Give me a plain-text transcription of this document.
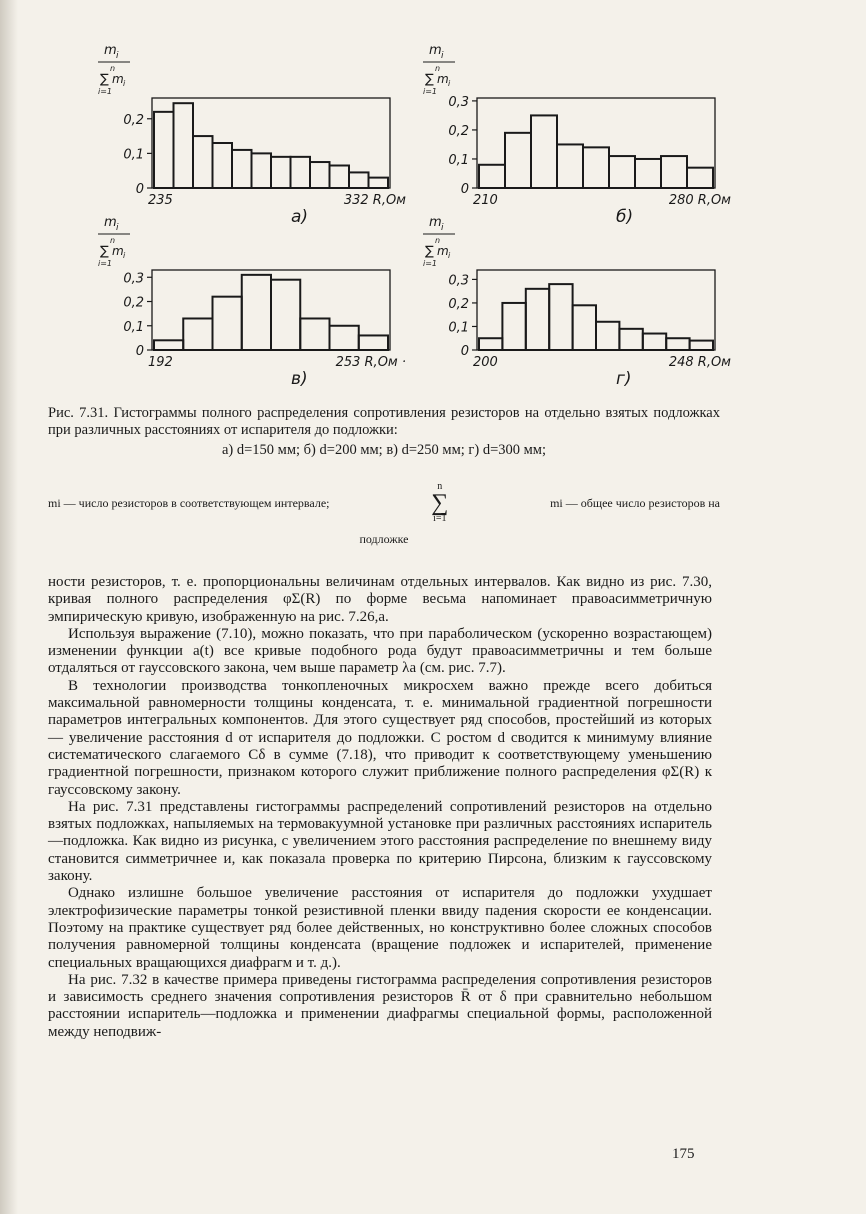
m i
n
∑ m i
i=1
0,2
0,1
0
235	332 R,Ом
а)
m i
n
∑ m i
i=1
0,3
0,2
0,1
0
210	280 R,Ом
б)
m i
n
∑ m i
i=1
0,3
0,2
0,1
0
192	253 R,Ом ·
в)
m i
n
∑ m i
i=1
0,3
0,2
0,1
0
200	248 R,Ом
г)

Рис. 7.31. Гистограммы полного распределения сопротивления резисторов на отдельно взятых подложках при различных расстояниях от испарителя до подложки:

а) d=150 мм; б) d=200 мм; в) d=250 мм; г) d=300 мм;

mi — число резисторов в соответствующем интервале;
n
∑
i=1
mi — общее число резисторов на
подложке

ности резисторов, т. е. пропорциональны величинам отдельных интервалов. Как видно из рис. 7.30, кривая полного распределения φΣ(R) по форме весьма напоминает правоасимметричную эмпирическую кривую, изображенную на рис. 7.26,a.

Используя выражение (7.10), можно показать, что при параболическом (ускоренно возрастающем) изменении функции a(t) все кривые подобного рода будут правоасимметричны и тем больше отдаляться от гауссовского закона, чем выше параметр λa (см. рис. 7.7).

В технологии производства тонкопленочных микросхем важно прежде всего добиться максимальной равномерности толщины конденсата, т. е. минимальной градиентной погрешности параметров интегральных компонентов. Для этого существует ряд способов, простейший из которых — увеличение расстояния d от испарителя до подложки. С ростом d сводится к минимуму влияние систематического слагаемого Cδ в сумме (7.18), что приводит к соответствующему уменьшению градиентной погрешности, признаком которого служит приближение полного распределения φΣ(R) к гауссовскому закону.

На рис. 7.31 представлены гистограммы распределений сопротивлений резисторов на отдельно взятых подложках, напыляемых на термовакуумной установке при различных расстояниях испаритель—подложка. Как видно из рисунка, с увеличением этого расстояния распределение по внешнему виду становится симметричнее и, как показала проверка по критерию Пирсона, близким к гауссовскому закону.

Однако излишне большое увеличение расстояния от испарителя до подложки ухудшает электрофизические параметры тонкой резистивной пленки ввиду падения скорости ее конденсации. Поэтому на практике существует ряд более действенных, но конструктивно более сложных способов получения равномерной толщины конденсата (вращение подложек и испарителей, применение специальных вращающихся диафрагм и т. д.).

На рис. 7.32 в качестве примера приведены гистограмма распределения сопротивления резисторов и зависимость среднего значения сопротивления резисторов R̄ от δ при сравнительно небольшом расстоянии испаритель—подложка и применении диафрагмы специальной формы, расположенной между неподвиж-

175
